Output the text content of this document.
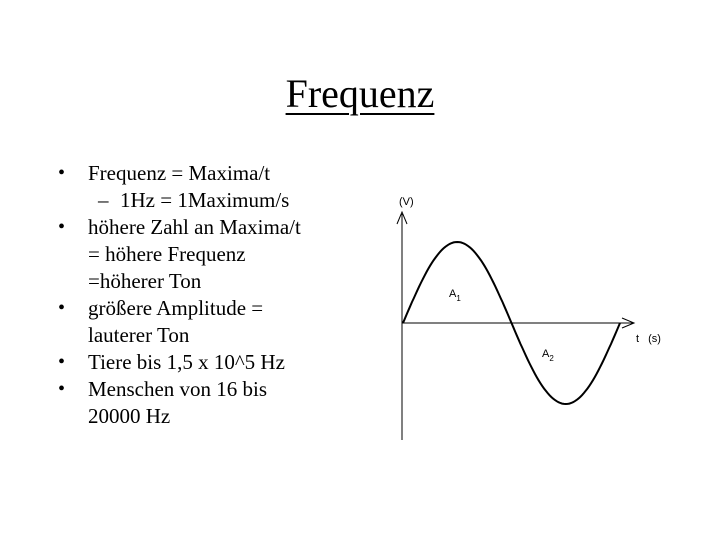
Frequenz
• Frequenz = Maxima/t
– 1Hz = 1Maximum/s
• höhere Zahl an Maxima/t
= höhere Frequenz
=höherer Ton
• größere Amplitude =
lauterer Ton
• Tiere bis 1,5 x 10^5 Hz
• Menschen von 16 bis
20000 Hz
(V)
t (s)
$A_1$
$A_2$
